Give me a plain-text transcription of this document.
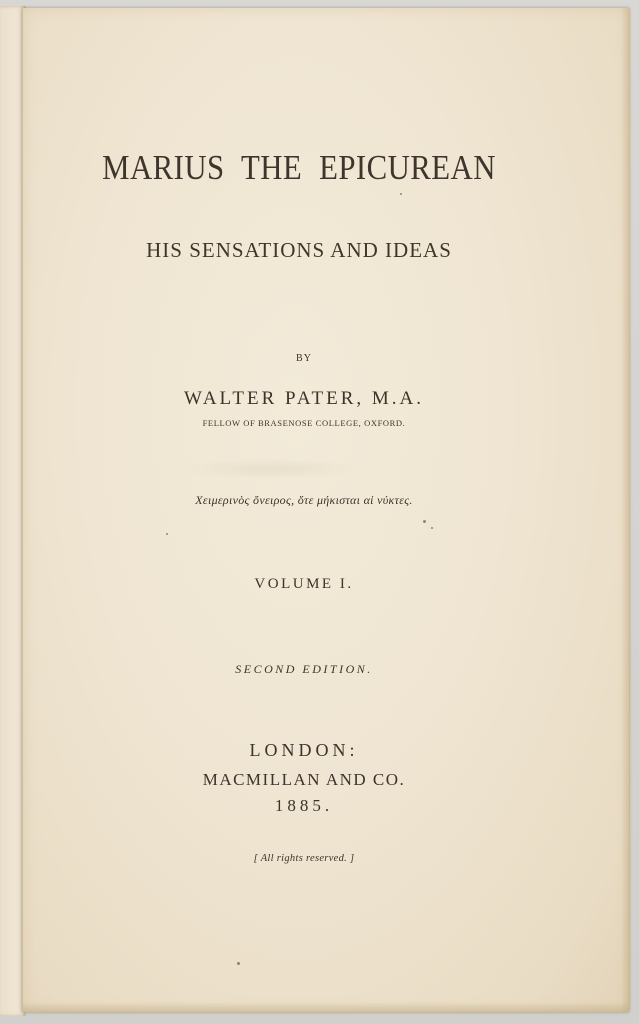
MARIUS THE EPICUREAN
HIS SENSATIONS AND IDEAS
BY
WALTER PATER, M.A.
FELLOW OF BRASENOSE COLLEGE, OXFORD.
Χειμερινὸς ὄνειρος, ὅτε μήκισται αἱ νύκτες.
VOLUME I.
SECOND EDITION.
LONDON:
MACMILLAN AND CO.
1885.
[ All rights reserved. ]
